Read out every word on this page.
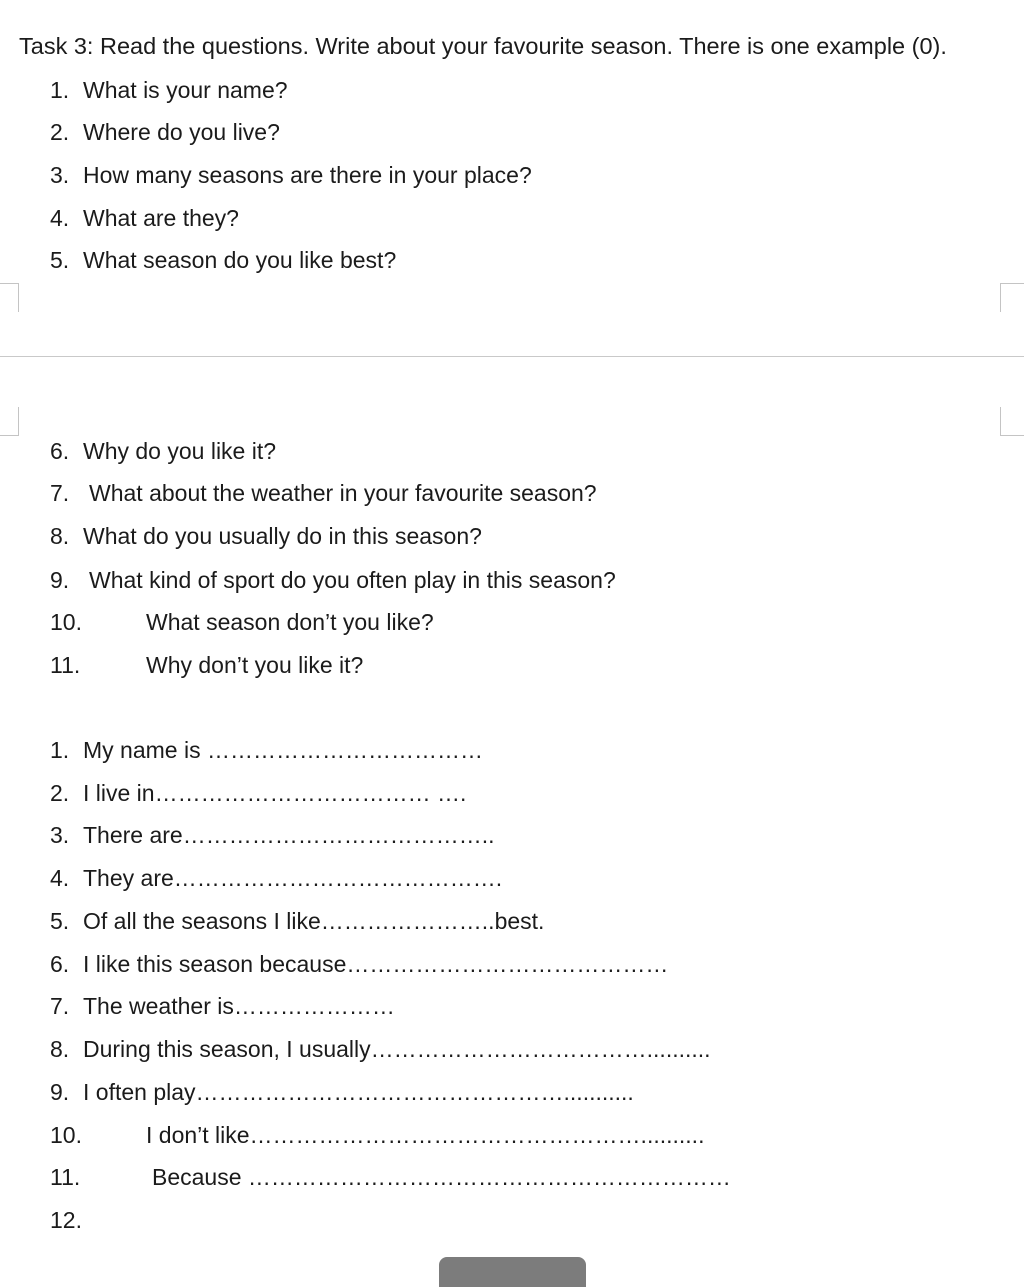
Task 3: Read the questions. Write about your favourite season. There is one example (0).
1. What is your name?
2. Where do you live?
3. How many seasons are there in your place?
4. What are they?
5. What season do you like best?
6. Why do you like it?
7. What about the weather in your favourite season?
8. What do you usually do in this season?
9. What kind of sport do you often play in this season?
10.	What season don’t you like?
11.	Why don’t you like it?
1. My name is ………………………………
2. I live in……………………………… ….
3. There are…………………………………..
4. They are…………………………………….
5. Of all the seasons I like…………………..best.
6. I like this season because……………………………………
7. The weather is…………………
8. During this season, I usually………………………………..........
9. I often play…………………………………………...........
10.	I don’t like……………………………………………..........
11.	Because ………………………………………………………
12.
